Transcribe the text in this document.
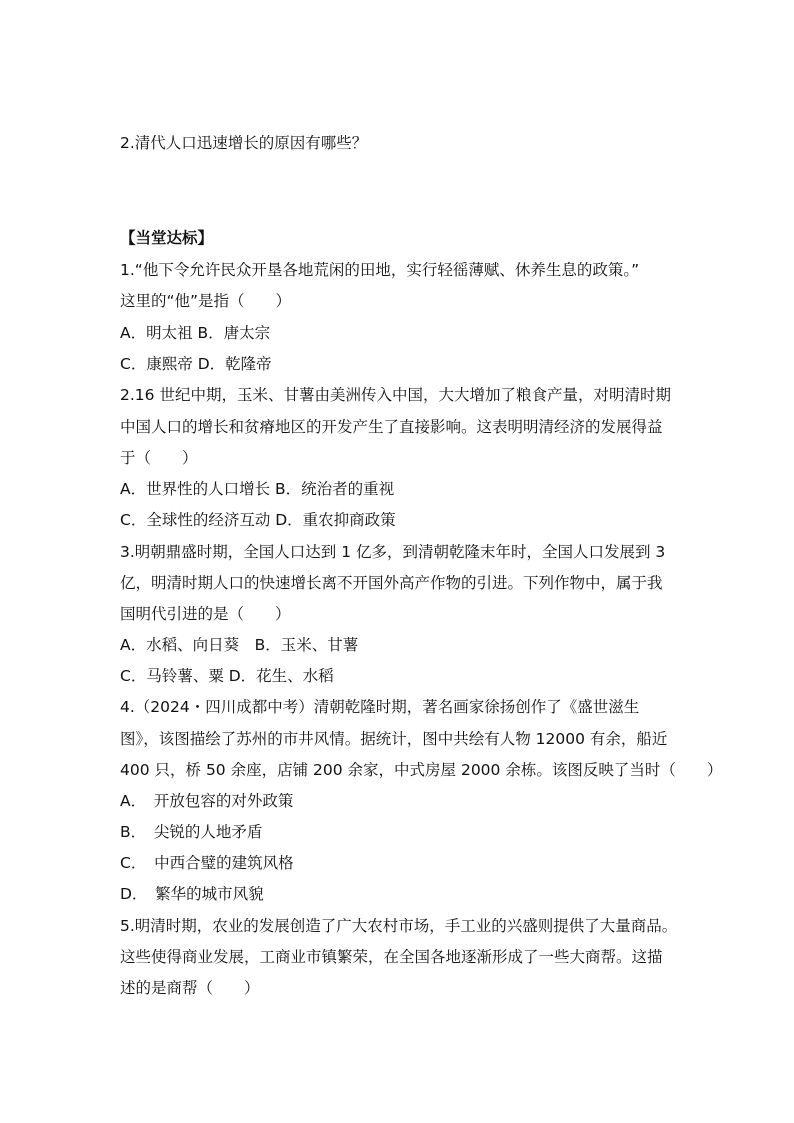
2.清代人口迅速增长的原因有哪些？
【当堂达标】
1.“他下令允许民众开垦各地荒闲的田地，实行轻徭薄赋、休养生息的政策。”
这里的“他”是指（　　）
A．明太祖 B．唐太宗
C．康熙帝 D．乾隆帝
2.16 世纪中期，玉米、甘薯由美洲传入中国，大大增加了粮食产量，对明清时期
中国人口的增长和贫瘠地区的开发产生了直接影响。这表明明清经济的发展得益
于（　　）
A．世界性的人口增长 B．统治者的重视
C．全球性的经济互动 D．重农抑商政策
3.明朝鼎盛时期，全国人口达到 1 亿多，到清朝乾隆末年时，全国人口发展到 3
亿，明清时期人口的快速增长离不开国外高产作物的引进。下列作物中，属于我
国明代引进的是（　　）
A．水稻、向日葵　B．玉米、甘薯
C．马铃薯、粟 D．花生、水稻
4.（2024・四川成都中考）清朝乾隆时期，著名画家徐扬创作了《盛世滋生
图》，该图描绘了苏州的市井风情。据统计，图中共绘有人物 12000 有余，船近
400 只，桥 50 余座，店铺 200 余家，中式房屋 2000 余栋。该图反映了当时（　　）
A．　开放包容的对外政策
B．　尖锐的人地矛盾
C．　中西合璧的建筑风格
D．　繁华的城市风貌
5.明清时期，农业的发展创造了广大农村市场，手工业的兴盛则提供了大量商品。
这些使得商业发展，工商业市镇繁荣，在全国各地逐渐形成了一些大商帮。这描
述的是商帮（　　）
